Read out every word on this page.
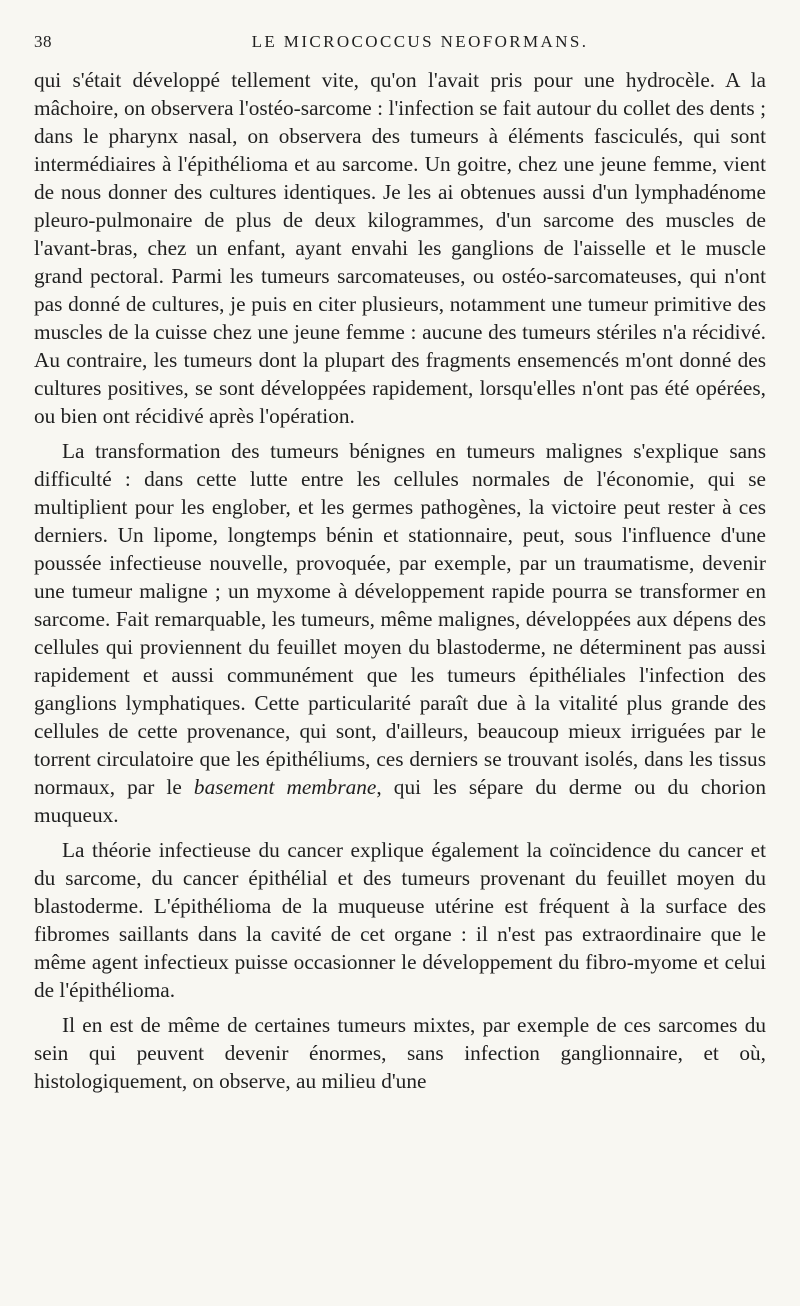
38	LE MICROCOCCUS NEOFORMANS.

qui s'était développé tellement vite, qu'on l'avait pris pour une hydrocèle. A la mâchoire, on observera l'ostéo-sarcome : l'infection se fait autour du collet des dents ; dans le pharynx nasal, on observera des tumeurs à éléments fasciculés, qui sont intermédiaires à l'épithélioma et au sarcome. Un goitre, chez une jeune femme, vient de nous donner des cultures identiques. Je les ai obtenues aussi d'un lymphadénome pleuro-pulmonaire de plus de deux kilogrammes, d'un sarcome des muscles de l'avant-bras, chez un enfant, ayant envahi les ganglions de l'aisselle et le muscle grand pectoral. Parmi les tumeurs sarcomateuses, ou ostéo-sarcomateuses, qui n'ont pas donné de cultures, je puis en citer plusieurs, notamment une tumeur primitive des muscles de la cuisse chez une jeune femme : aucune des tumeurs stériles n'a récidivé. Au contraire, les tumeurs dont la plupart des fragments ensemencés m'ont donné des cultures positives, se sont développées rapidement, lorsqu'elles n'ont pas été opérées, ou bien ont récidivé après l'opération.

La transformation des tumeurs bénignes en tumeurs malignes s'explique sans difficulté : dans cette lutte entre les cellules normales de l'économie, qui se multiplient pour les englober, et les germes pathogènes, la victoire peut rester à ces derniers. Un lipome, longtemps bénin et stationnaire, peut, sous l'influence d'une poussée infectieuse nouvelle, provoquée, par exemple, par un traumatisme, devenir une tumeur maligne ; un myxome à développement rapide pourra se transformer en sarcome. Fait remarquable, les tumeurs, même malignes, développées aux dépens des cellules qui proviennent du feuillet moyen du blastoderme, ne déterminent pas aussi rapidement et aussi communément que les tumeurs épithéliales l'infection des ganglions lymphatiques. Cette particularité paraît due à la vitalité plus grande des cellules de cette provenance, qui sont, d'ailleurs, beaucoup mieux irriguées par le torrent circulatoire que les épithéliums, ces derniers se trouvant isolés, dans les tissus normaux, par le basement membrane, qui les sépare du derme ou du chorion muqueux.

La théorie infectieuse du cancer explique également la coïncidence du cancer et du sarcome, du cancer épithélial et des tumeurs provenant du feuillet moyen du blastoderme. L'épithélioma de la muqueuse utérine est fréquent à la surface des fibromes saillants dans la cavité de cet organe : il n'est pas extraordinaire que le même agent infectieux puisse occasionner le développement du fibro-myome et celui de l'épithélioma.

Il en est de même de certaines tumeurs mixtes, par exemple de ces sarcomes du sein qui peuvent devenir énormes, sans infection ganglionnaire, et où, histologiquement, on observe, au milieu d'une
